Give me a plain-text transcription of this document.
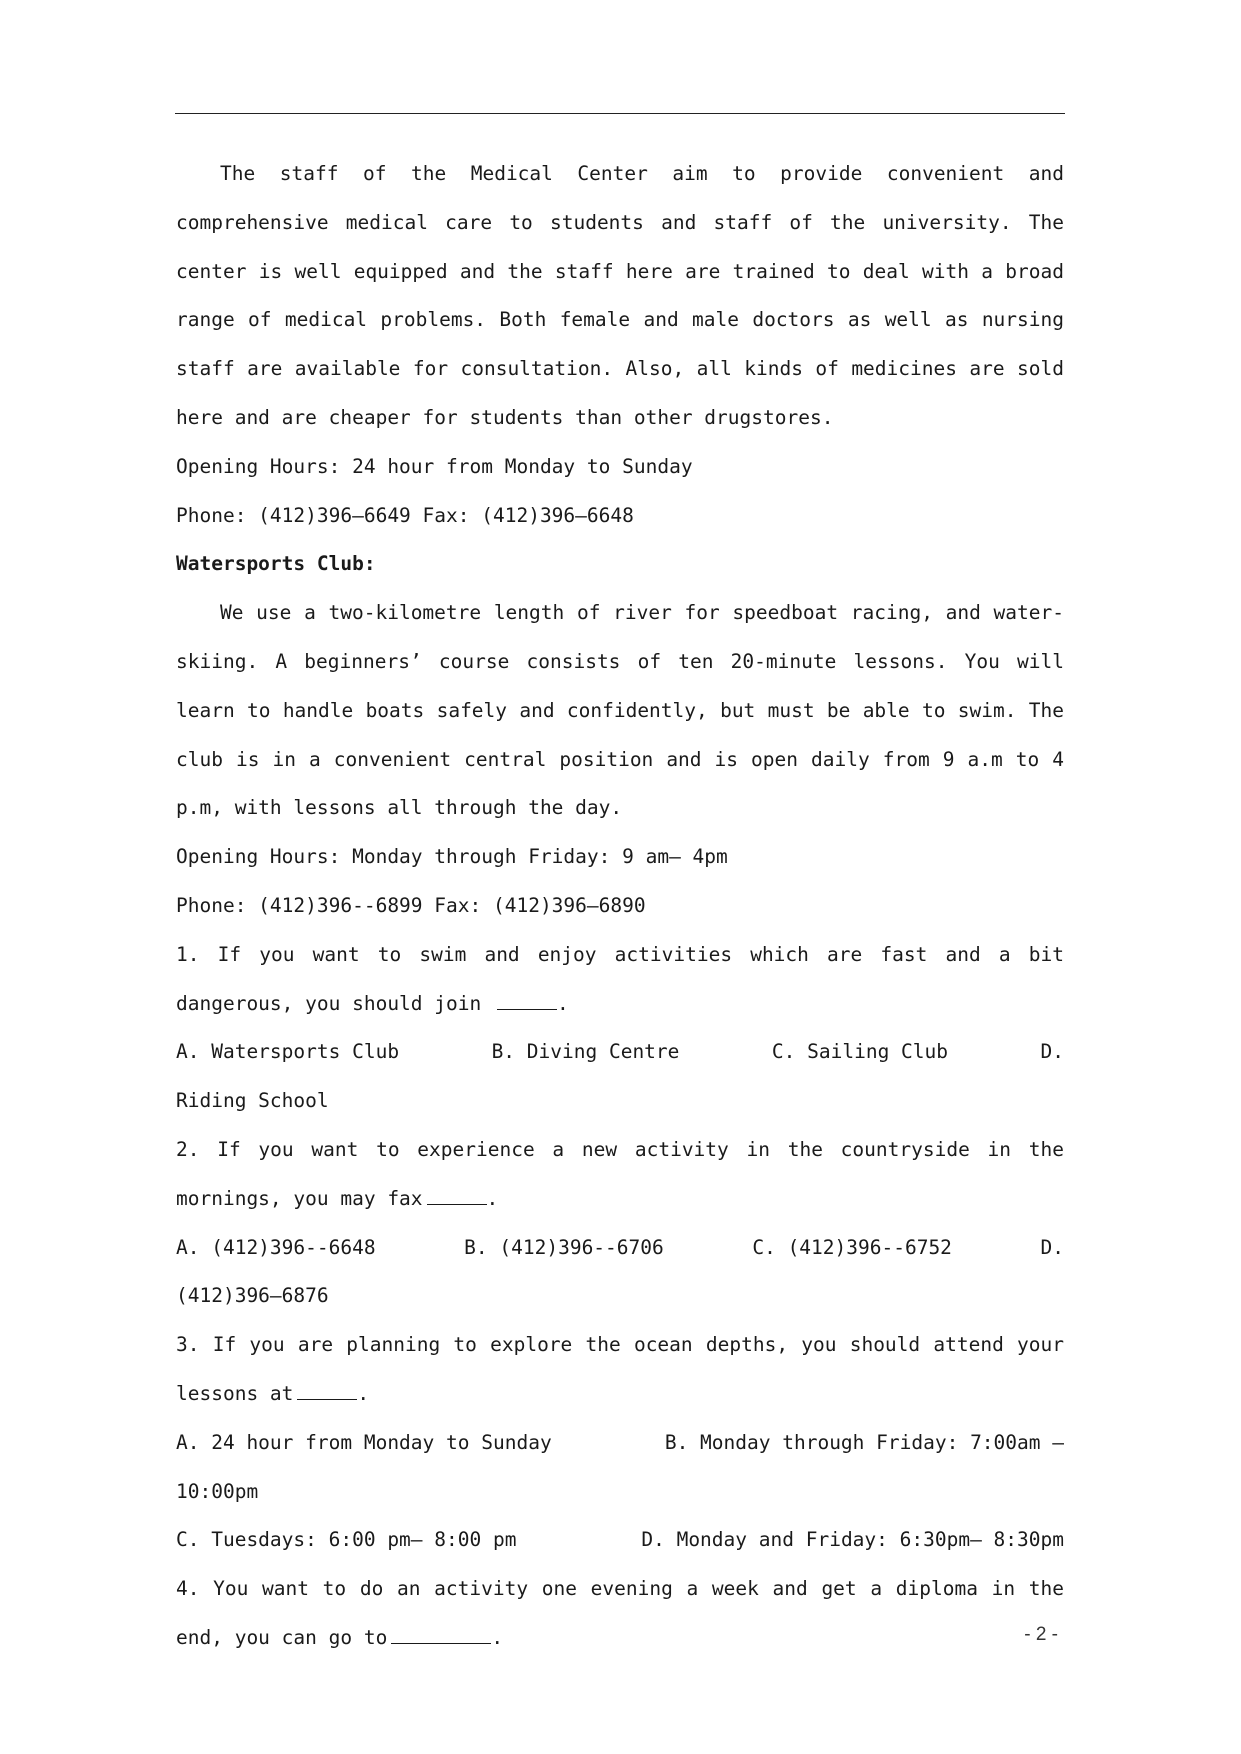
The staff of the Medical Center aim to provide convenient and comprehensive medical care to students and staff of the university. The center is well equipped and the staff here are trained to deal with a broad range of medical problems. Both female and male doctors as well as nursing staff are available for consultation. Also, all kinds of medicines are sold here and are cheaper for students than other drugstores.

Opening Hours: 24 hour from Monday to Sunday

Phone: (412)396—6649 Fax: (412)396—6648

Watersports Club:

We use a two-kilometre length of river for speedboat racing, and water-skiing. A beginners’ course consists of ten 20-minute lessons. You will learn to handle boats safely and confidently, but must be able to swim. The club is in a convenient central position and is open daily from 9 a.m to 4 p.m, with lessons all through the day.

Opening Hours: Monday through Friday: 9 am— 4pm

Phone: (412)396--6899 Fax: (412)396—6890

1. If you want to swim and enjoy activities which are fast and a bit dangerous, you should join	.

A. Watersports Club	B. Diving Centre	C. Sailing Club	D.

Riding School

2. If you want to experience a new activity in the countryside in the mornings, you may fax	.

A. (412)396--6648	B. (412)396--6706	C. (412)396--6752	D.

(412)396—6876

3. If you are planning to explore the ocean depths, you should attend your lessons at	.

A. 24 hour from Monday to Sunday	B. Monday through Friday: 7:00am —

10:00pm

C. Tuesdays: 6:00 pm— 8:00 pm	D. Monday and Friday: 6:30pm— 8:30pm

4. You want to do an activity one evening a week and get a diploma in the end, you can go to	.	- 2 -
